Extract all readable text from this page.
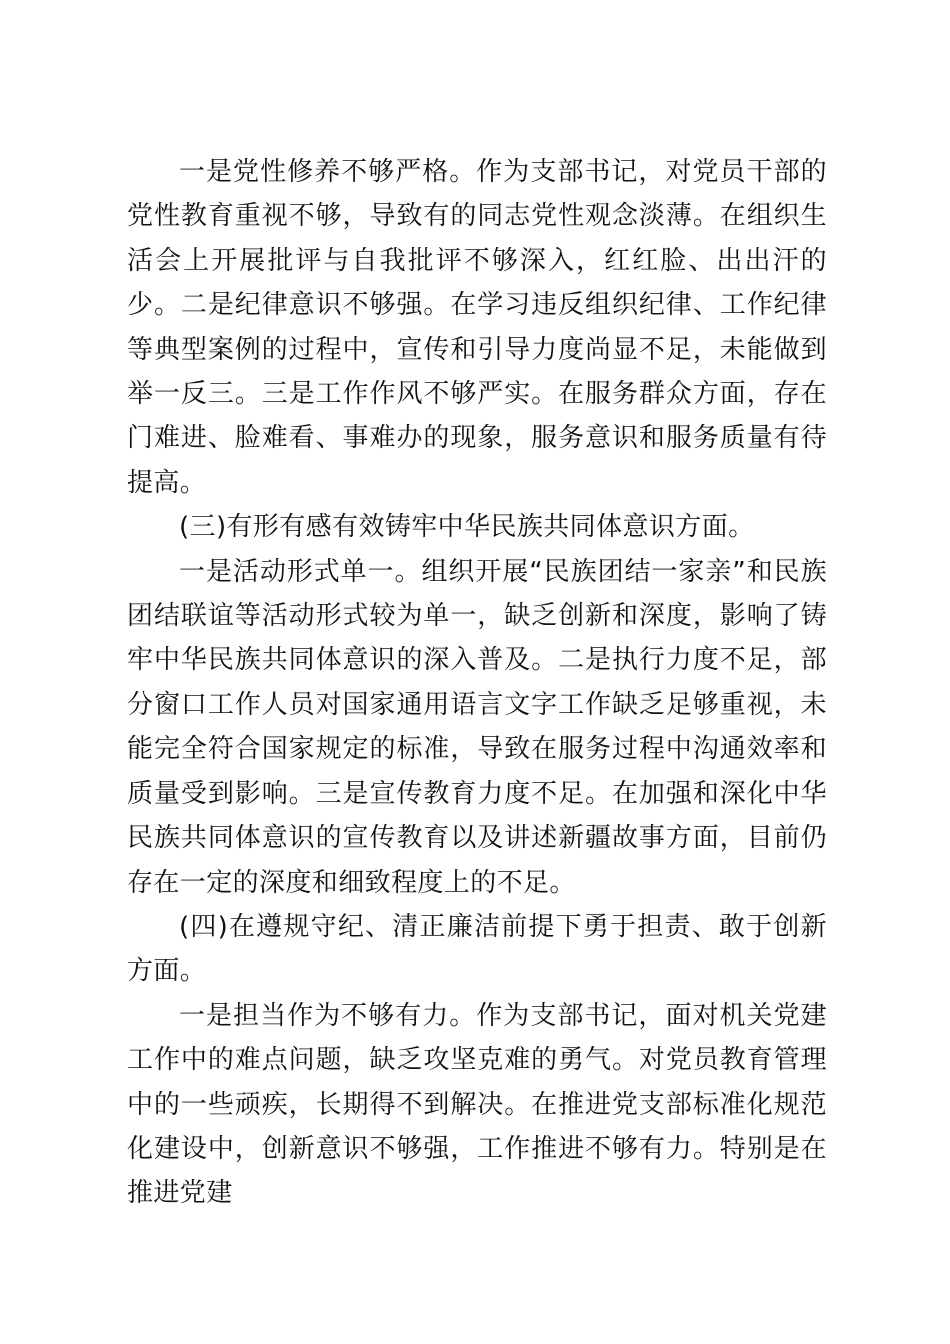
一是党性修养不够严格。作为支部书记，对党员干部的党性教育重视不够，导致有的同志党性观念淡薄。在组织生活会上开展批评与自我批评不够深入，红红脸、出出汗的少。二是纪律意识不够强。在学习违反组织纪律、工作纪律等典型案例的过程中，宣传和引导力度尚显不足，未能做到举一反三。三是工作作风不够严实。在服务群众方面，存在门难进、脸难看、事难办的现象，服务意识和服务质量有待提高。

(三)有形有感有效铸牢中华民族共同体意识方面。

一是活动形式单一。组织开展“民族团结一家亲”和民族团结联谊等活动形式较为单一，缺乏创新和深度，影响了铸牢中华民族共同体意识的深入普及。二是执行力度不足，部分窗口工作人员对国家通用语言文字工作缺乏足够重视，未能完全符合国家规定的标准，导致在服务过程中沟通效率和质量受到影响。三是宣传教育力度不足。在加强和深化中华民族共同体意识的宣传教育以及讲述新疆故事方面，目前仍存在一定的深度和细致程度上的不足。

(四)在遵规守纪、清正廉洁前提下勇于担责、敢于创新方面。

一是担当作为不够有力。作为支部书记，面对机关党建工作中的难点问题，缺乏攻坚克难的勇气。对党员教育管理中的一些顽疾，长期得不到解决。在推进党支部标准化规范化建设中，创新意识不够强，工作推进不够有力。特别是在推进党建
